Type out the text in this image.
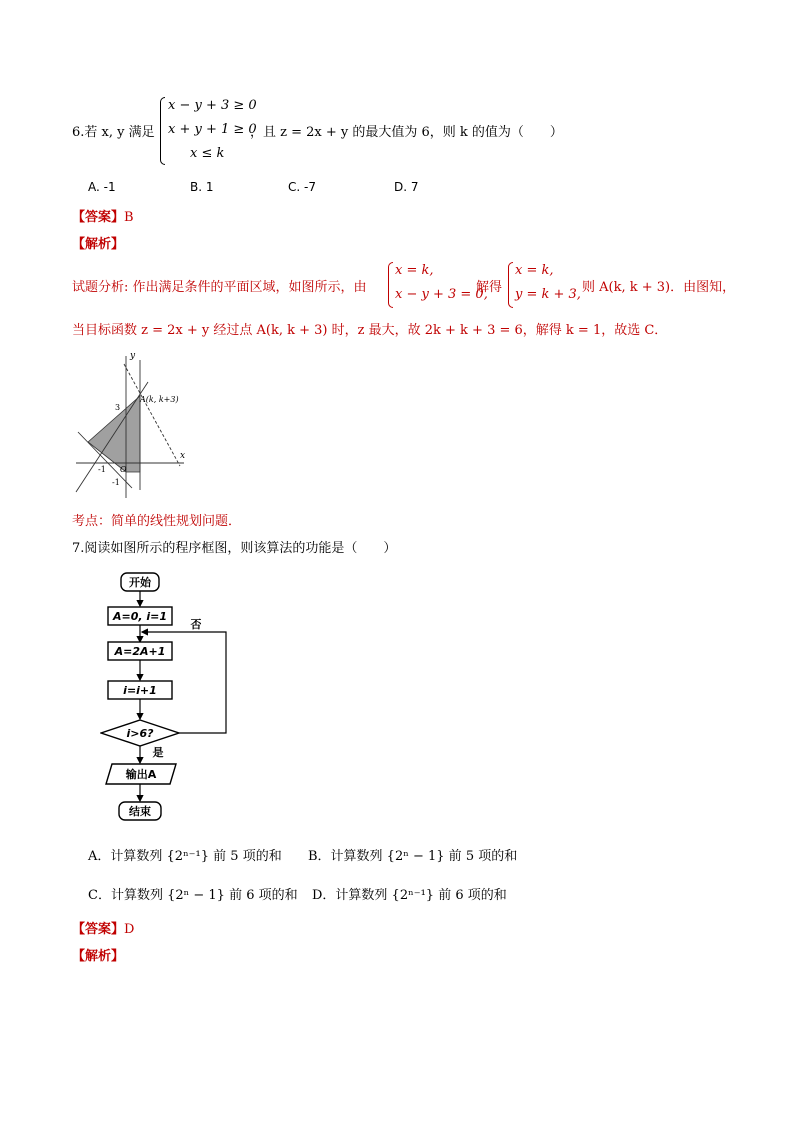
6.若 x, y 满足
x − y + 3 ≥ 0
x + y + 1 ≥ 0
x ≤ k
，且 z = 2x + y 的最大值为 6，则 k 的值为（　　）
A. -1	B. 1	C. -7	D. 7
【答案】B
【解析】
试题分析: 作出满足条件的平面区域，如图所示，由
x = k,
x − y + 3 = 0,
解得
x = k,
y = k + 3, 则 A(k, k + 3)．由图知，
当目标函数 z = 2x + y 经过点 A(k, k + 3) 时，z 最大，故 2k + k + 3 = 6，解得 k = 1，故选 C．
y
x
O
3
-1
-1
A(k, k+3)
考点：简单的线性规划问题．
7.阅读如图所示的程序框图，则该算法的功能是（　　）
开始
A=0, i=1
A=2A+1
i=i+1
i>6?
否
是
输出A
结束
A．计算数列 {2ⁿ⁻¹} 前 5 项的和 B．计算数列 {2ⁿ − 1} 前 5 项的和
C．计算数列 {2ⁿ − 1} 前 6 项的和 D．计算数列 {2ⁿ⁻¹} 前 6 项的和
【答案】D
【解析】
